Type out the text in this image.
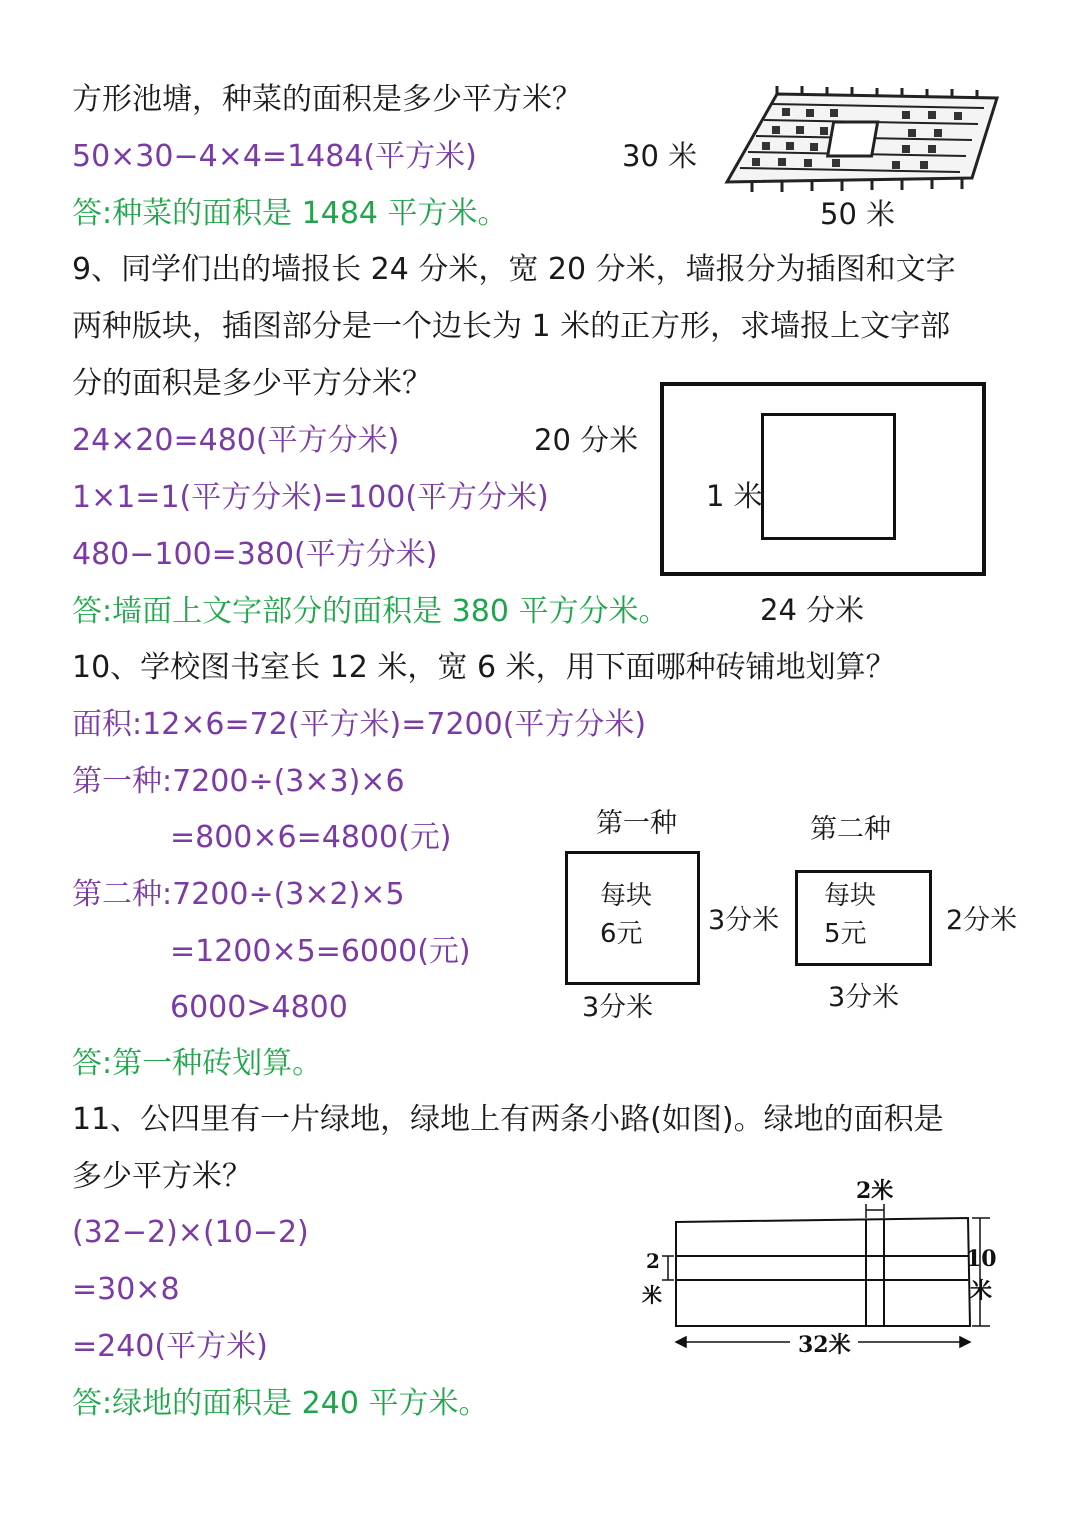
方形池塘，种菜的面积是多少平方米？

50×30−4×4=1484(平方米)

答:种菜的面积是 1484 平方米。

30 米
50 米

9、同学们出的墙报长 24 分米，宽 20 分米，墙报分为插图和文字

两种版块，插图部分是一个边长为 1 米的正方形，求墙报上文字部

分的面积是多少平方分米？

24×20=480(平方分米)

1×1=1(平方分米)=100(平方分米)

480−100=380(平方分米)

答:墙面上文字部分的面积是 380 平方分米。

20 分米
1 米
24 分米

10、学校图书室长 12 米，宽 6 米，用下面哪种砖铺地划算？

面积:12×6=72(平方米)=7200(平方分米)

第一种:7200÷(3×3)×6

=800×6=4800(元)

第二种:7200÷(3×2)×5

=1200×5=6000(元)

6000>4800

答:第一种砖划算。

第一种
每块
6元 3分米
3分米
第二种
每块
5元	2分米
3分米

11、公四里有一片绿地，绿地上有两条小路(如图)。绿地的面积是

多少平方米？

(32−2)×(10−2)

=30×8

=240(平方米)

答:绿地的面积是 240 平方米。

2米
2
米
10
米
32米
